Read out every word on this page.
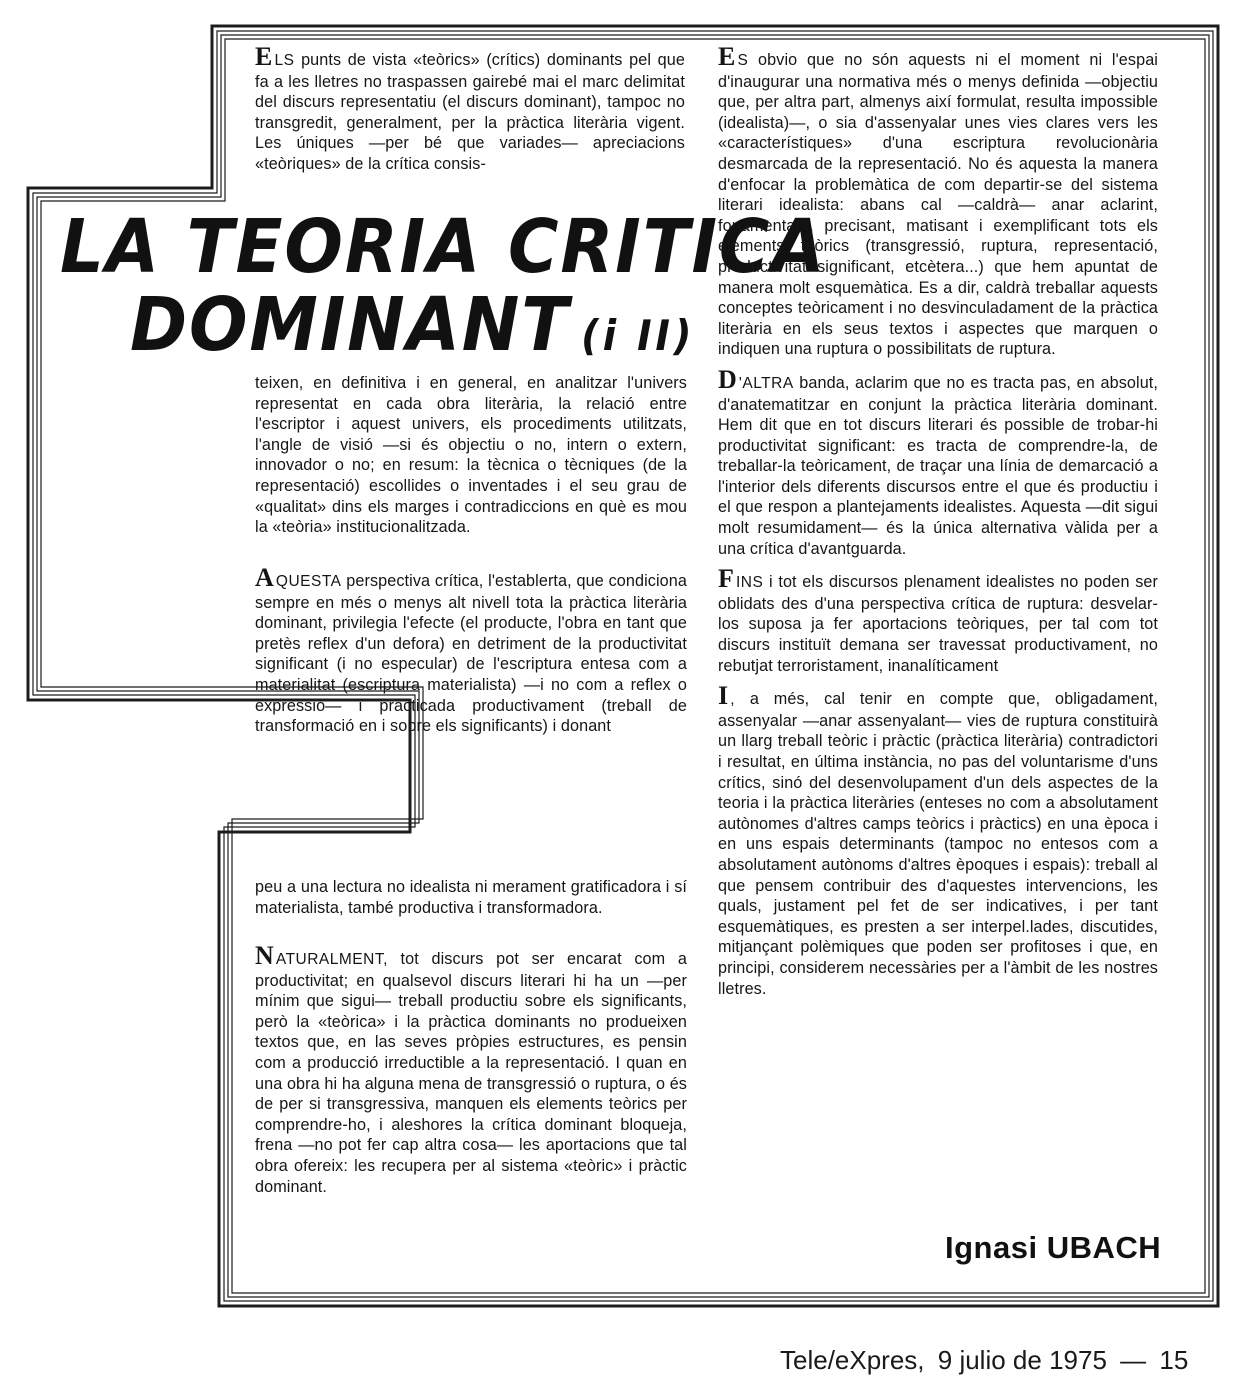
ELS punts de vista «teòrics» (crítics) dominants pel que fa a les lletres no traspassen gairebé mai el marc delimitat del discurs representatiu (el discurs dominant), tampoc no transgredit, generalment, per la pràctica literària vigent. Les úniques —per bé que variades— apreciacions «teòriques» de la crítica consis-

LA TEORIA CRITICA
DOMINANT (i II)

teixen, en definitiva i en general, en analitzar l'univers representat en cada obra literària, la relació entre l'escriptor i aquest univers, els procediments utilitzats, l'angle de visió —si és objectiu o no, intern o extern, innovador o no; en resum: la tècnica o tècniques (de la representació) escollides o inventades i el seu grau de «qualitat» dins els marges i contradiccions en què es mou la «teòria» institucionalitzada.

AQUESTA perspectiva crítica, l'establerta, que condiciona sempre en més o menys alt nivell tota la pràctica literària dominant, privilegia l'efecte (el producte, l'obra en tant que pretès reflex d'un defora) en detriment de la productivitat significant (i no especular) de l'escriptura entesa com a materialitat (escriptura materialista) —i no com a reflex o expressió— i practicada productivament (treball de transformació en i sobre els significants) i donant

peu a una lectura no idealista ni merament gratificadora i sí materialista, també productiva i transformadora.

NATURALMENT, tot discurs pot ser encarat com a productivitat; en qualsevol discurs literari hi ha un —per mínim que sigui— treball productiu sobre els significants, però la «teòrica» i la pràctica dominants no produeixen textos que, en las seves pròpies estructures, es pensin com a producció irreductible a la representació. I quan en una obra hi ha alguna mena de transgressió o ruptura, o és de per si transgressiva, manquen els elements teòrics per comprendre-ho, i aleshores la crítica dominant bloqueja, frena —no pot fer cap altra cosa— les aportacions que tal obra ofereix: les recupera per al sistema «teòric» i pràctic dominant.

E S obvio que no són aquests ni el moment ni l'espai d'inaugurar una normativa més o menys definida —objectiu que, per altra part, almenys així formulat, resulta impossible (idealista)—, o sia d'assenyalar unes vies clares vers les «característiques» d'una escriptura revolucionària desmarcada de la representació. No és aquesta la manera d'enfocar la problemàtica de com departir-se del sistema literari idealista: abans cal —caldrà— anar aclarint, fonamentant, precisant, matisant i exemplificant tots els elements teòrics (transgressió, ruptura, representació, productivitat significant, etcètera...) que hem apuntat de manera molt esquemàtica. Es a dir, caldrà treballar aquests conceptes teòricament i no desvinculadament de la pràctica literària en els seus textos i aspectes que marquen o indiquen una ruptura o possibilitats de ruptura.

D 'ALTRA banda, aclarim que no es tracta pas, en absolut, d'anatematitzar en conjunt la pràctica literària dominant. Hem dit que en tot discurs literari és possible de trobar-hi productivitat significant: es tracta de comprendre-la, de treballar-la teòricament, de traçar una línia de demarcació a l'interior dels diferents discursos entre el que és productiu i el que respon a plantejaments idealistes. Aquesta —dit sigui molt resumidament— és la única alternativa vàlida per a una crítica d'avantguarda.

FINS i tot els discursos plenament idealistes no poden ser oblidats des d'una perspectiva crítica de ruptura: desvelar-los suposa ja fer aportacions teòriques, per tal com tot discurs instituït demana ser travessat productivament, no rebutjat terroristament, inanalíticament

I , a més, cal tenir en compte que, obligadament, assenyalar —anar assenyalant— vies de ruptura constituirà un llarg treball teòric i pràctic (pràctica literària) contradictori i resultat, en última instància, no pas del voluntarisme d'uns crítics, sinó del desenvolupament d'un dels aspectes de la teoria i la pràctica literàries (enteses no com a absolutament autònomes d'altres camps teòrics i pràctics) en una època i en uns espais determinants (tampoc no entesos com a absolutament autònoms d'altres èpoques i espais): treball al que pensem contribuir des d'aquestes intervencions, les quals, justament pel fet de ser indicatives, i per tant esquemàtiques, es presten a ser interpel.lades, discutides, mitjançant polèmiques que poden ser profitoses i que, en principi, considerem necessàries per a l'àmbit de les nostres lletres.

Ignasi UBACH
Tele/eXpres, 9 julio de 1975 — 15
